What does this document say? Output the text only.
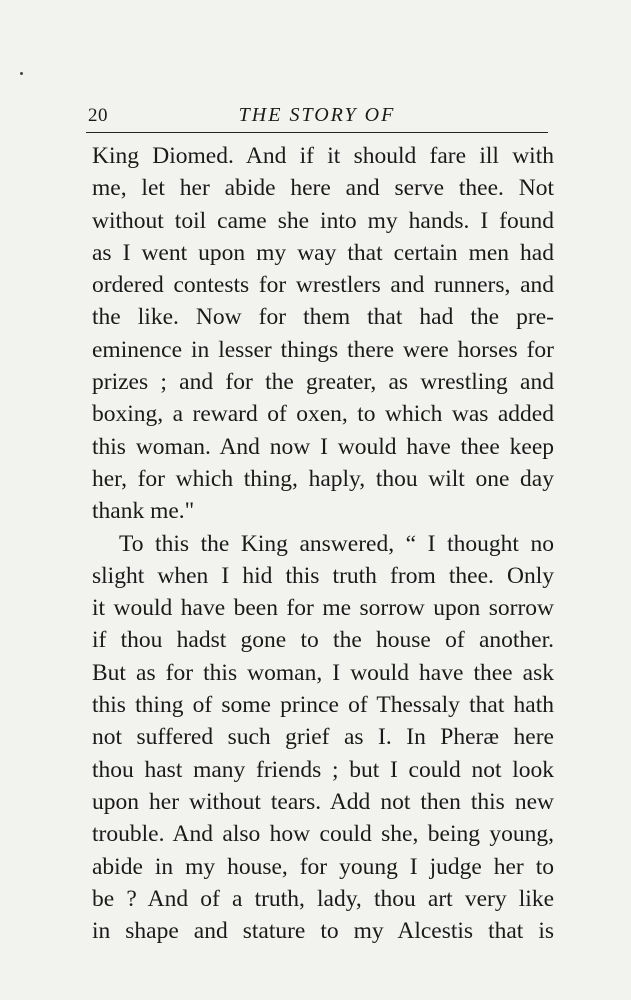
20	THE STORY OF
King Diomed. And if it should fare ill with
me, let her abide here and serve thee. Not
without toil came she into my hands. I found
as I went upon my way that certain men had
ordered contests for wrestlers and runners, and
the like. Now for them that had the pre-
eminence in lesser things there were horses for
prizes ; and for the greater, as wrestling and
boxing, a reward of oxen, to which was added
this woman. And now I would have thee keep
her, for which thing, haply, thou wilt one day
thank me."
To this the King answered, “ I thought no
slight when I hid this truth from thee. Only
it would have been for me sorrow upon sorrow
if thou hadst gone to the house of another.
But as for this woman, I would have thee ask
this thing of some prince of Thessaly that hath
not suffered such grief as I. In Pheræ here
thou hast many friends ; but I could not look
upon her without tears. Add not then this new
trouble. And also how could she, being young,
abide in my house, for young I judge her to
be ? And of a truth, lady, thou art very like
in shape and stature to my Alcestis that is
